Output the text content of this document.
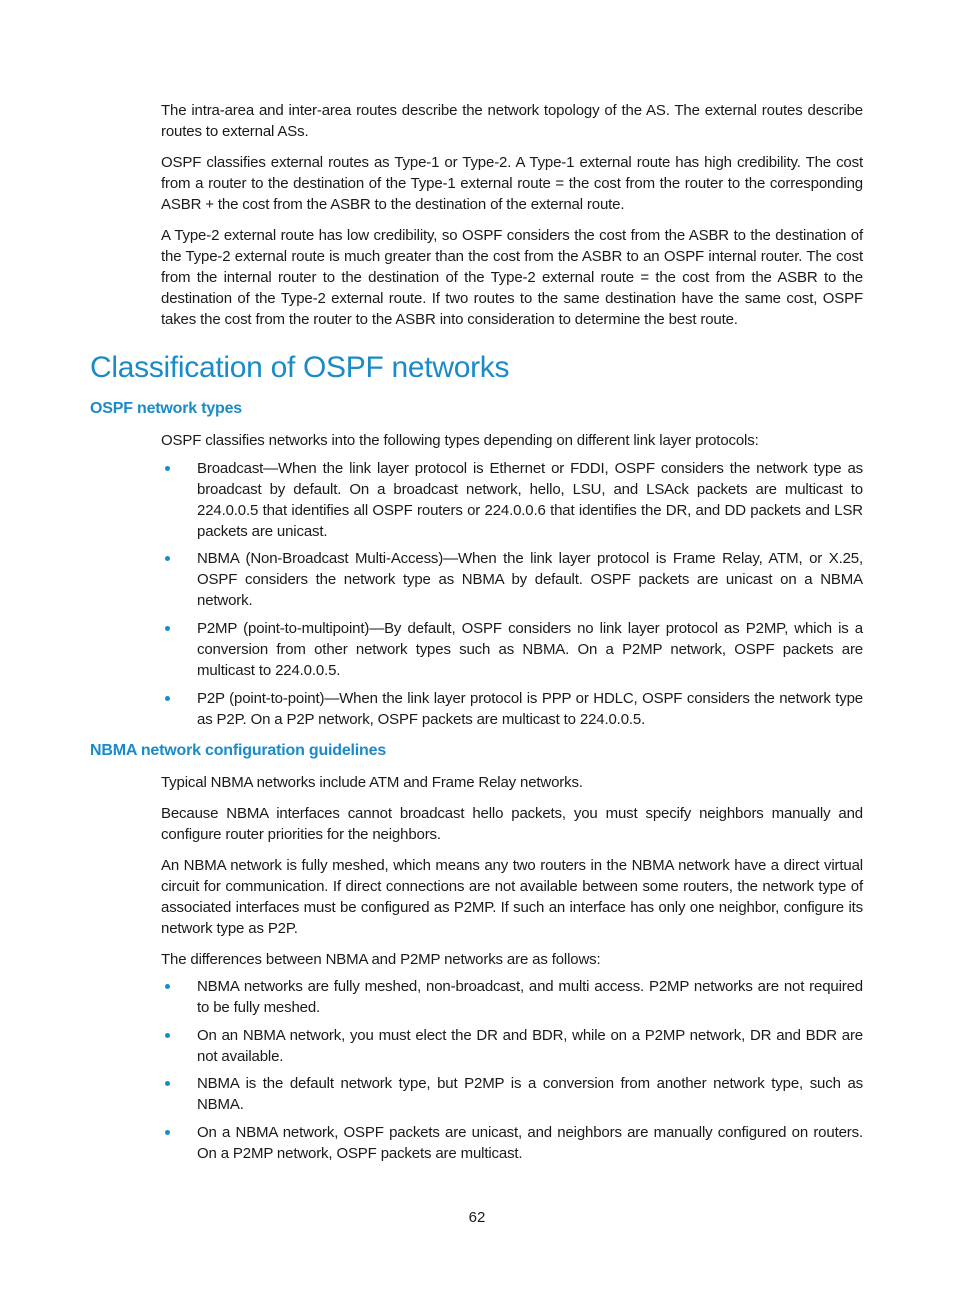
The intra-area and inter-area routes describe the network topology of the AS. The external routes describe routes to external ASs.

OSPF classifies external routes as Type-1 or Type-2. A Type-1 external route has high credibility. The cost from a router to the destination of the Type-1 external route = the cost from the router to the corresponding ASBR + the cost from the ASBR to the destination of the external route.

A Type-2 external route has low credibility, so OSPF considers the cost from the ASBR to the destination of the Type-2 external route is much greater than the cost from the ASBR to an OSPF internal router. The cost from the internal router to the destination of the Type-2 external route = the cost from the ASBR to the destination of the Type-2 external route. If two routes to the same destination have the same cost, OSPF takes the cost from the router to the ASBR into consideration to determine the best route.

Classification of OSPF networks
OSPF network types

OSPF classifies networks into the following types depending on different link layer protocols:

Broadcast—When the link layer protocol is Ethernet or FDDI, OSPF considers the network type as broadcast by default. On a broadcast network, hello, LSU, and LSAck packets are multicast to 224.0.0.5 that identifies all OSPF routers or 224.0.0.6 that identifies the DR, and DD packets and LSR packets are unicast.
NBMA (Non-Broadcast Multi-Access)—When the link layer protocol is Frame Relay, ATM, or X.25, OSPF considers the network type as NBMA by default. OSPF packets are unicast on a NBMA network.
P2MP (point-to-multipoint)—By default, OSPF considers no link layer protocol as P2MP, which is a conversion from other network types such as NBMA. On a P2MP network, OSPF packets are multicast to 224.0.0.5.
P2P (point-to-point)—When the link layer protocol is PPP or HDLC, OSPF considers the network type as P2P. On a P2P network, OSPF packets are multicast to 224.0.0.5.
NBMA network configuration guidelines

Typical NBMA networks include ATM and Frame Relay networks.

Because NBMA interfaces cannot broadcast hello packets, you must specify neighbors manually and configure router priorities for the neighbors.

An NBMA network is fully meshed, which means any two routers in the NBMA network have a direct virtual circuit for communication. If direct connections are not available between some routers, the network type of associated interfaces must be configured as P2MP. If such an interface has only one neighbor, configure its network type as P2P.

The differences between NBMA and P2MP networks are as follows:

NBMA networks are fully meshed, non-broadcast, and multi access. P2MP networks are not required to be fully meshed.
On an NBMA network, you must elect the DR and BDR, while on a P2MP network, DR and BDR are not available.
NBMA is the default network type, but P2MP is a conversion from another network type, such as NBMA.
On a NBMA network, OSPF packets are unicast, and neighbors are manually configured on routers. On a P2MP network, OSPF packets are multicast.
62
